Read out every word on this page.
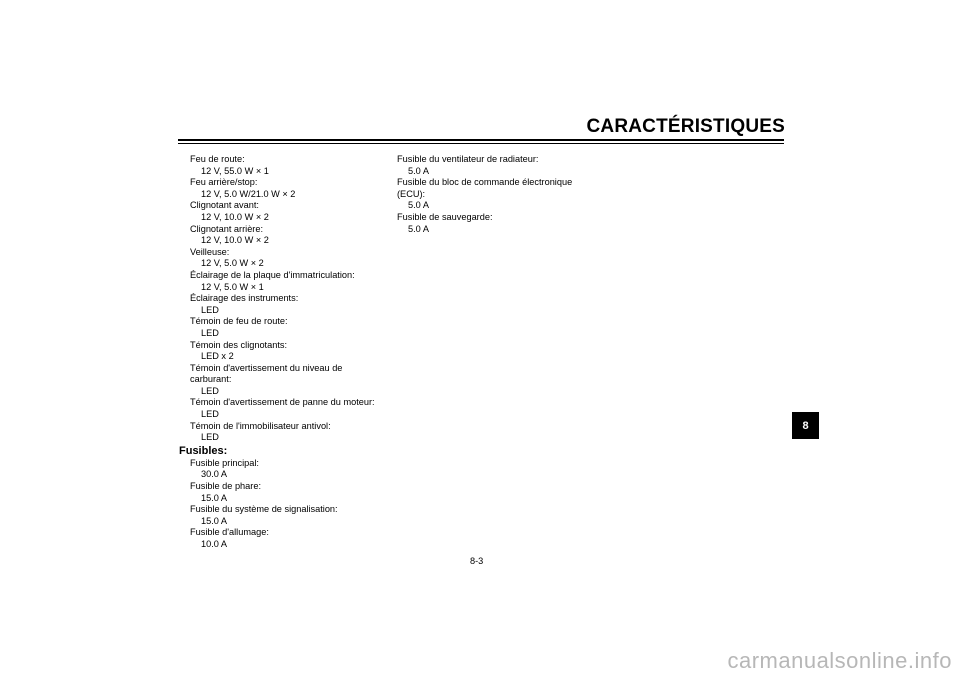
CARACTÉRISTIQUES
Feu de route:
12 V, 55.0 W × 1
Feu arrière/stop:
12 V, 5.0 W/21.0 W × 2
Clignotant avant:
12 V, 10.0 W × 2
Clignotant arrière:
12 V, 10.0 W × 2
Veilleuse:
12 V, 5.0 W × 2
Éclairage de la plaque d'immatriculation:
12 V, 5.0 W × 1
Éclairage des instruments:
LED
Témoin de feu de route:
LED
Témoin des clignotants:
LED x 2
Témoin d'avertissement du niveau de
carburant:
LED
Témoin d'avertissement de panne du moteur:
LED
Témoin de l'immobilisateur antivol:
LED
Fusibles:
Fusible principal:
30.0 A
Fusible de phare:
15.0 A
Fusible du système de signalisation:
15.0 A
Fusible d'allumage:
10.0 A
Fusible du ventilateur de radiateur:
5.0 A
Fusible du bloc de commande électronique
(ECU):
5.0 A
Fusible de sauvegarde:
5.0 A
8
8-3
carmanualsonline.info
